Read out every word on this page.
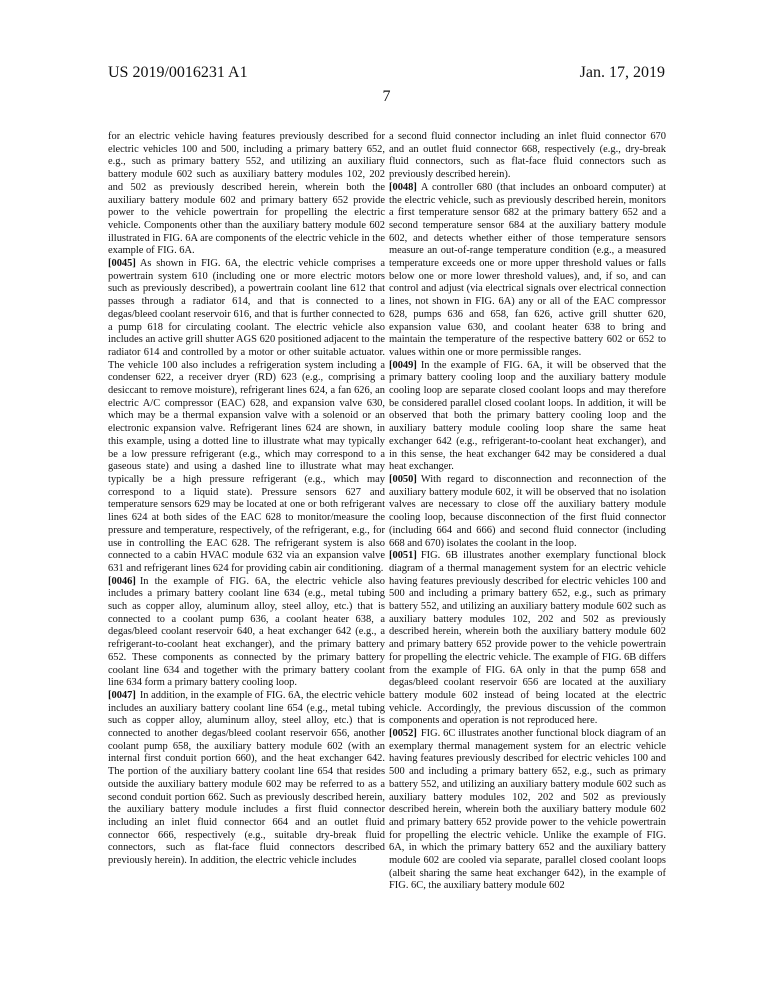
US 2019/0016231 A1	Jan. 17, 2019
7

for an electric vehicle having features previously described for electric vehicles 100 and 500, including a primary battery 652, e.g., such as primary battery 552, and utilizing an auxiliary battery module 602 such as auxiliary battery modules 102, 202 and 502 as previously described herein, wherein both the auxiliary battery module 602 and primary battery 652 provide power to the vehicle powertrain for propelling the electric vehicle. Components other than the auxiliary battery module 602 illustrated in FIG. 6A are components of the electric vehicle in the example of FIG. 6A.

[0045] As shown in FIG. 6A, the electric vehicle comprises a powertrain system 610 (including one or more electric motors such as previously described), a powertrain coolant line 612 that passes through a radiator 614, and that is connected to a degas/bleed coolant reservoir 616, and that is further connected to a pump 618 for circulating coolant. The electric vehicle also includes an active grill shutter AGS 620 positioned adjacent to the radiator 614 and controlled by a motor or other suitable actuator. The vehicle 100 also includes a refrigeration system including a condenser 622, a receiver dryer (RD) 623 (e.g., comprising a desiccant to remove moisture), refrigerant lines 624, a fan 626, an electric A/C compressor (EAC) 628, and expansion valve 630, which may be a thermal expansion valve with a solenoid or an electronic expansion valve. Refrigerant lines 624 are shown, in this example, using a dotted line to illustrate what may typically be a low pressure refrigerant (e.g., which may correspond to a gaseous state) and using a dashed line to illustrate what may typically be a high pressure refrigerant (e.g., which may correspond to a liquid state). Pressure sensors 627 and temperature sensors 629 may be located at one or both refrigerant lines 624 at both sides of the EAC 628 to monitor/measure the pressure and temperature, respectively, of the refrigerant, e.g., for use in controlling the EAC 628. The refrigerant system is also connected to a cabin HVAC module 632 via an expansion valve 631 and refrigerant lines 624 for providing cabin air conditioning.

[0046] In the example of FIG. 6A, the electric vehicle also includes a primary battery coolant line 634 (e.g., metal tubing such as copper alloy, aluminum alloy, steel alloy, etc.) that is connected to a coolant pump 636, a coolant heater 638, a degas/bleed coolant reservoir 640, a heat exchanger 642 (e.g., a refrigerant-to-coolant heat exchanger), and the primary battery 652. These components as connected by the primary battery coolant line 634 and together with the primary battery coolant line 634 form a primary battery cooling loop.

[0047] In addition, in the example of FIG. 6A, the electric vehicle includes an auxiliary battery coolant line 654 (e.g., metal tubing such as copper alloy, aluminum alloy, steel alloy, etc.) that is connected to another degas/bleed coolant reservoir 656, another coolant pump 658, the auxiliary battery module 602 (with an internal first conduit portion 660), and the heat exchanger 642. The portion of the auxiliary battery coolant line 654 that resides outside the auxiliary battery module 602 may be referred to as a second conduit portion 662. Such as previously described herein, the auxiliary battery module includes a first fluid connector including an inlet fluid connector 664 and an outlet fluid connector 666, respectively (e.g., suitable dry-break fluid connectors, such as flat-face fluid connectors described previously herein). In addition, the electric vehicle includes

a second fluid connector including an inlet fluid connector 670 and an outlet fluid connector 668, respectively (e.g., dry-break fluid connectors, such as flat-face fluid connectors such as previously described herein).

[0048] A controller 680 (that includes an onboard computer) at the electric vehicle, such as previously described herein, monitors a first temperature sensor 682 at the primary battery 652 and a second temperature sensor 684 at the auxiliary battery module 602, and detects whether either of those temperature sensors measure an out-of-range temperature condition (e.g., a measured temperature exceeds one or more upper threshold values or falls below one or more lower threshold values), and, if so, and can control and adjust (via electrical signals over electrical connection lines, not shown in FIG. 6A) any or all of the EAC compressor 628, pumps 636 and 658, fan 626, active grill shutter 620, expansion value 630, and coolant heater 638 to bring and maintain the temperature of the respective battery 602 or 652 to values within one or more permissible ranges.

[0049] In the example of FIG. 6A, it will be observed that the primary battery cooling loop and the auxiliary battery module cooling loop are separate closed coolant loops and may therefore be considered parallel closed coolant loops. In addition, it will be observed that both the primary battery cooling loop and the auxiliary battery module cooling loop share the same heat exchanger 642 (e.g., refrigerant-to-coolant heat exchanger), and in this sense, the heat exchanger 642 may be considered a dual heat exchanger.

[0050] With regard to disconnection and reconnection of the auxiliary battery module 602, it will be observed that no isolation valves are necessary to close off the auxiliary battery module cooling loop, because disconnection of the first fluid connector (including 664 and 666) and second fluid connector (including 668 and 670) isolates the coolant in the loop.

[0051] FIG. 6B illustrates another exemplary functional block diagram of a thermal management system for an electric vehicle having features previously described for electric vehicles 100 and 500 and including a primary battery 652, e.g., such as primary battery 552, and utilizing an auxiliary battery module 602 such as auxiliary battery modules 102, 202 and 502 as previously described herein, wherein both the auxiliary battery module 602 and primary battery 652 provide power to the vehicle powertrain for propelling the electric vehicle. The example of FIG. 6B differs from the example of FIG. 6A only in that the pump 658 and degas/bleed coolant reservoir 656 are located at the auxiliary battery module 602 instead of being located at the electric vehicle. Accordingly, the previous discussion of the common components and operation is not reproduced here.

[0052] FIG. 6C illustrates another functional block diagram of an exemplary thermal management system for an electric vehicle having features previously described for electric vehicles 100 and 500 and including a primary battery 652, e.g., such as primary battery 552, and utilizing an auxiliary battery module 602 such as auxiliary battery modules 102, 202 and 502 as previously described herein, wherein both the auxiliary battery module 602 and primary battery 652 provide power to the vehicle powertrain for propelling the electric vehicle. Unlike the example of FIG. 6A, in which the primary battery 652 and the auxiliary battery module 602 are cooled via separate, parallel closed coolant loops (albeit sharing the same heat exchanger 642), in the example of FIG. 6C, the auxiliary battery module 602
